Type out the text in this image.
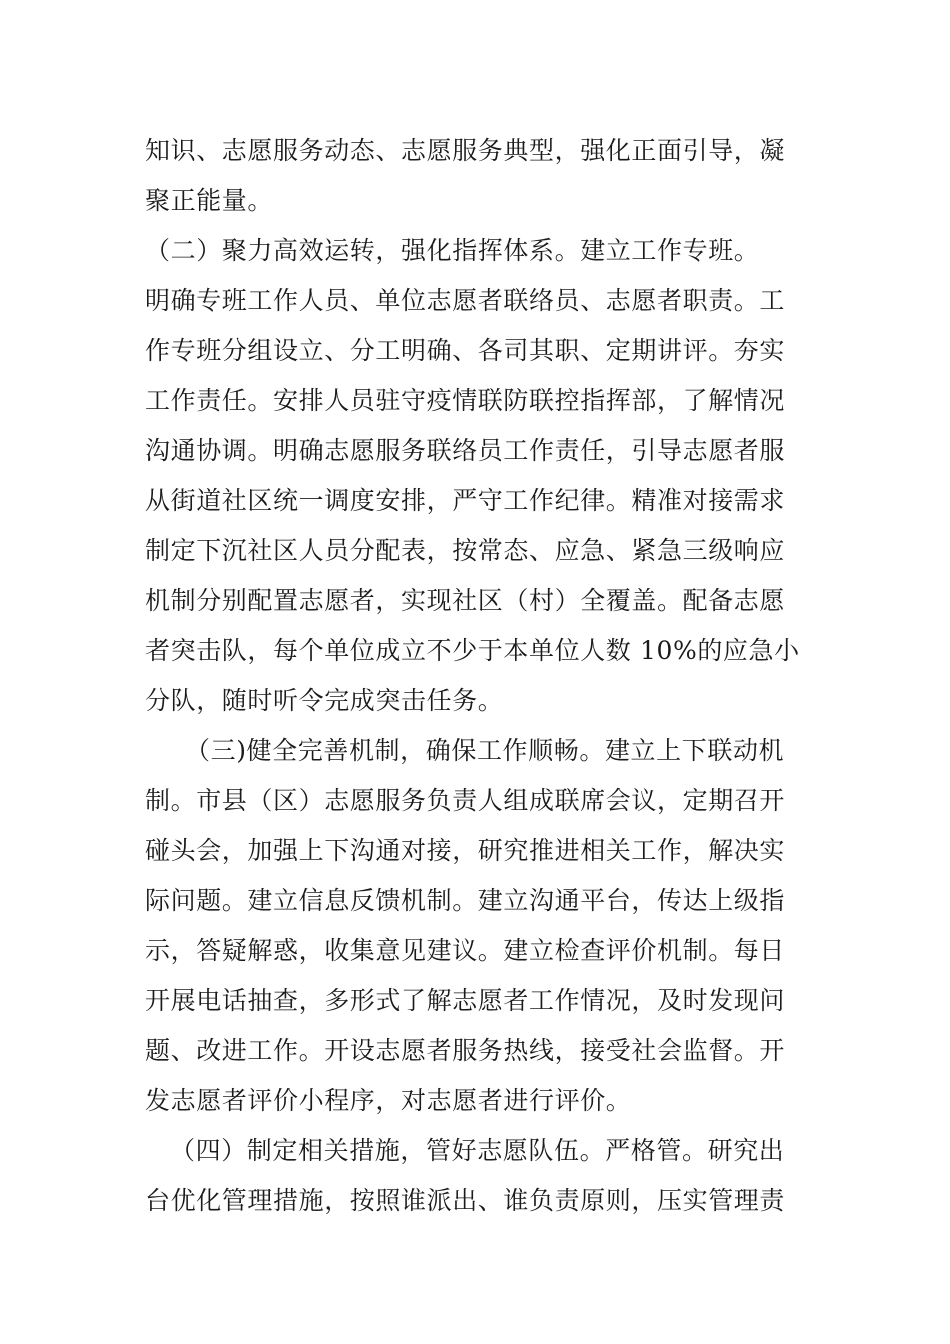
知识、志愿服务动态、志愿服务典型，强化正面引导，凝
聚正能量。
（二）聚力高效运转，强化指挥体系。建立工作专班。
明确专班工作人员、单位志愿者联络员、志愿者职责。工
作专班分组设立、分工明确、各司其职、定期讲评。夯实
工作责任。安排人员驻守疫情联防联控指挥部，了解情况
沟通协调。明确志愿服务联络员工作责任，引导志愿者服
从街道社区统一调度安排，严守工作纪律。精准对接需求
制定下沉社区人员分配表，按常态、应急、紧急三级响应
机制分别配置志愿者，实现社区（村）全覆盖。配备志愿
者突击队，每个单位成立不少于本单位人数 10%的应急小
分队，随时听令完成突击任务。
（三)健全完善机制，确保工作顺畅。建立上下联动机
制。市县（区）志愿服务负责人组成联席会议，定期召开
碰头会，加强上下沟通对接，研究推进相关工作，解决实
际问题。建立信息反馈机制。建立沟通平台，传达上级指
示，答疑解惑，收集意见建议。建立检查评价机制。每日
开展电话抽查，多形式了解志愿者工作情况，及时发现问
题、改进工作。开设志愿者服务热线，接受社会监督。开
发志愿者评价小程序，对志愿者进行评价。
（四）制定相关措施，管好志愿队伍。严格管。研究出
台优化管理措施，按照谁派出、谁负责原则，压实管理责
